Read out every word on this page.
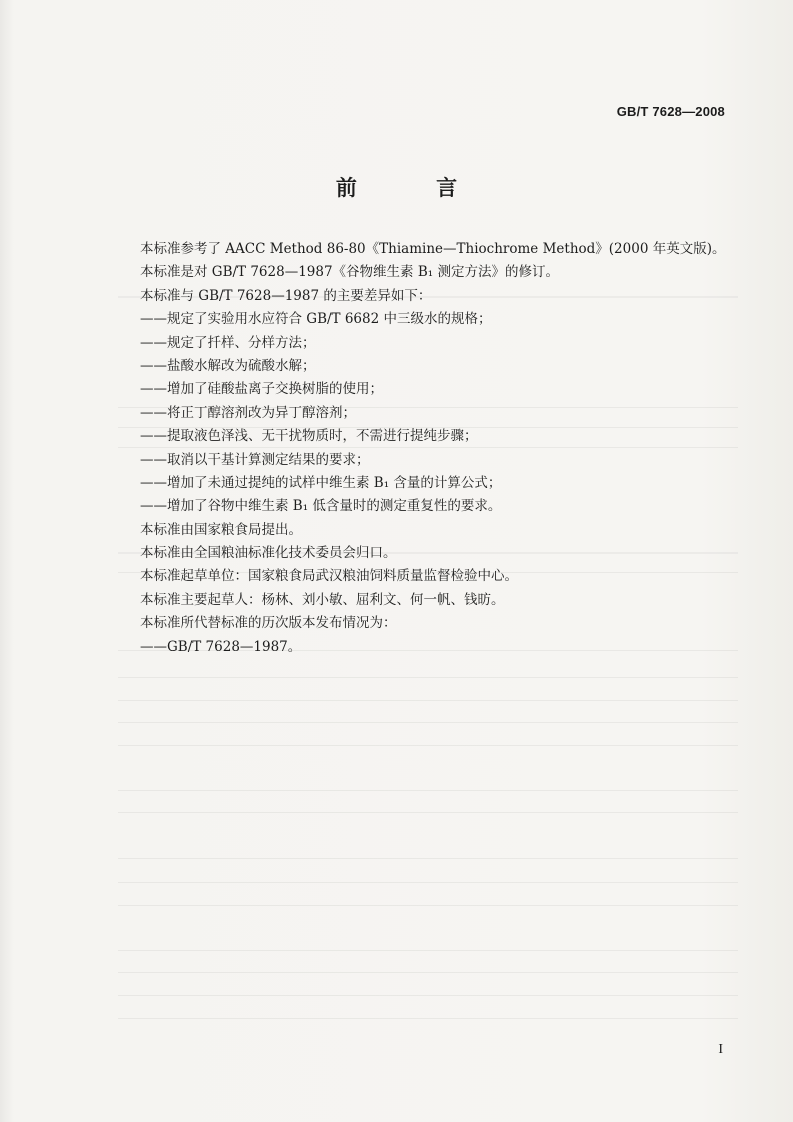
GB/T 7628—2008
前 言
本标准参考了 AACC Method 86-80《Thiamine—Thiochrome Method》(2000 年英文版)。
本标准是对 GB/T 7628—1987《谷物维生素 B₁ 测定方法》的修订。
本标准与 GB/T 7628—1987 的主要差异如下：
——规定了实验用水应符合 GB/T 6682 中三级水的规格；
——规定了扦样、分样方法；
——盐酸水解改为硫酸水解；
——增加了硅酸盐离子交换树脂的使用；
——将正丁醇溶剂改为异丁醇溶剂；
——提取液色泽浅、无干扰物质时，不需进行提纯步骤；
——取消以干基计算测定结果的要求；
——增加了未通过提纯的试样中维生素 B₁ 含量的计算公式；
——增加了谷物中维生素 B₁ 低含量时的测定重复性的要求。
本标准由国家粮食局提出。
本标准由全国粮油标准化技术委员会归口。
本标准起草单位：国家粮食局武汉粮油饲料质量监督检验中心。
本标准主要起草人：杨林、刘小敏、屈利文、何一帆、钱昉。
本标准所代替标准的历次版本发布情况为：
——GB/T 7628—1987。
I
